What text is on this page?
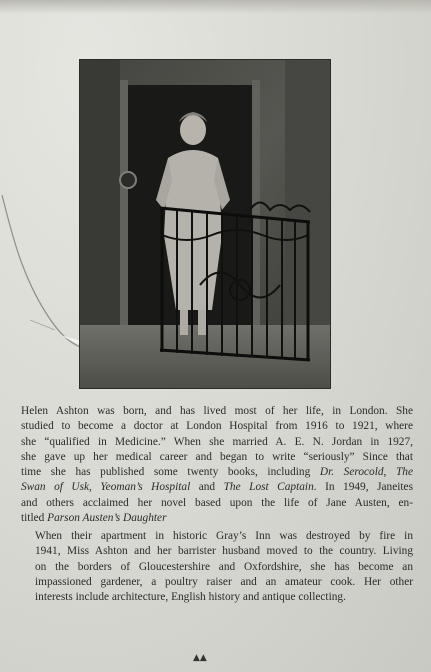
Helen Ashton was born, and has lived most of her life, in London. She
studied to become a doctor at London Hospital from 1916 to 1921, where
she “qualified in Medicine.” When she married A. E. N. Jordan in 1927,
she gave up her medical career and began to write “seriously” Since that
time she has published some twenty books, including Dr. Serocold, The
Swan of Usk, Yeoman’s Hospital and The Lost Captain. In 1949, Janeites
and others acclaimed her novel based upon the life of Jane Austen, en-
titled Parson Austen’s Daughter

When their apartment in historic Gray’s Inn was destroyed by fire in
1941, Miss Ashton and her barrister husband moved to the country. Living
on the borders of Gloucestershire and Oxfordshire, she has become an
impassioned gardener, a poultry raiser and an amateur cook. Her other
interests include architecture, English history and antique collecting.

▲▲
